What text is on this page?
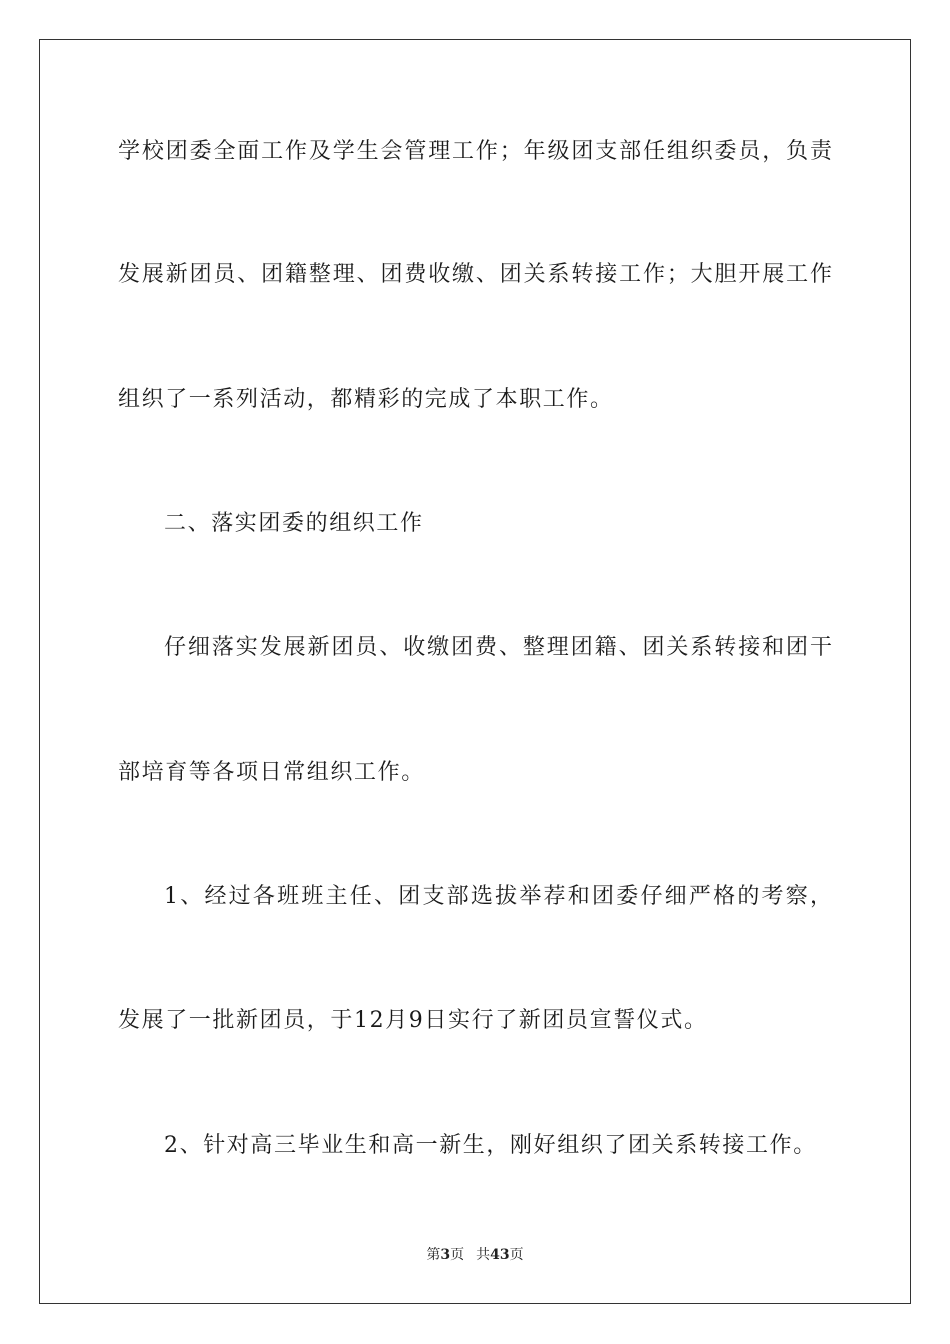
学校团委全面工作及学生会管理工作；年级团支部任组织委员，负责
发展新团员、团籍整理、团费收缴、团关系转接工作；大胆开展工作
组织了一系列活动，都精彩的完成了本职工作。
二、落实团委的组织工作
仔细落实发展新团员、收缴团费、整理团籍、团关系转接和团干
部培育等各项日常组织工作。
1、经过各班班主任、团支部选拔举荐和团委仔细严格的考察，
发展了一批新团员，于12月9日实行了新团员宣誓仪式。
2、针对高三毕业生和高一新生，刚好组织了团关系转接工作。
第3页 共43页
